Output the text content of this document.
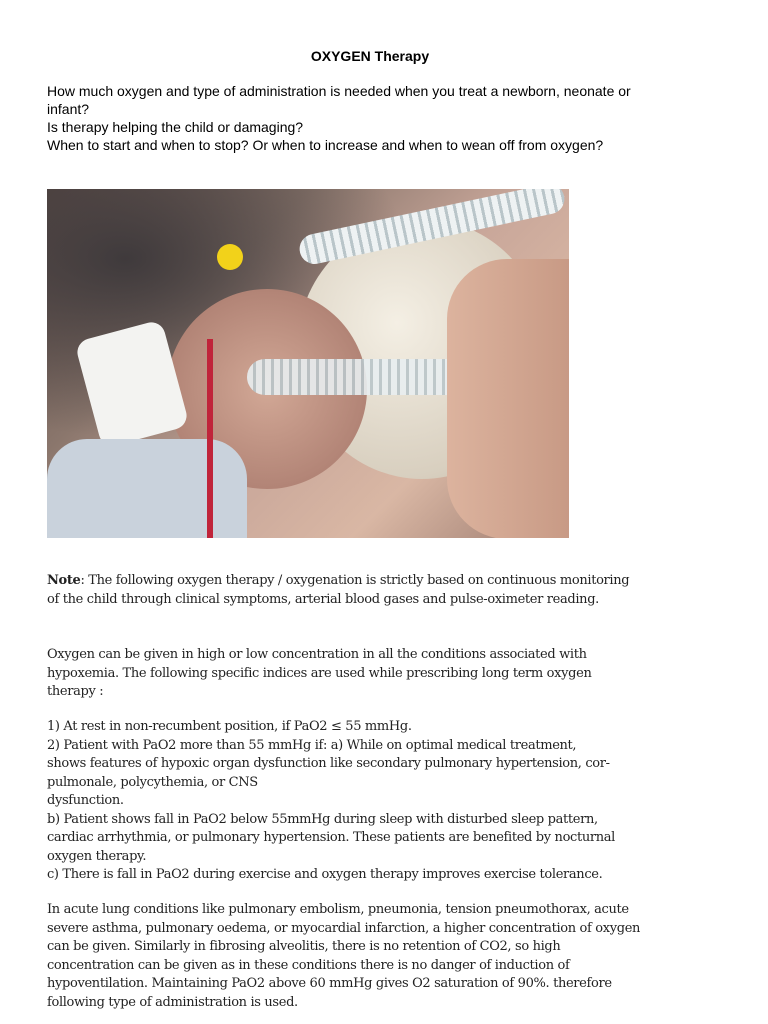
OXYGEN Therapy
How much oxygen and type of administration is needed when you treat a newborn, neonate or
infant?
Is therapy helping the child or damaging?
When to start and when to stop? Or when to increase and when to wean off from oxygen?
Note: The following oxygen therapy / oxygenation is strictly based on continuous monitoring
of the child through clinical symptoms, arterial blood gases and pulse-oximeter reading.
Oxygen can be given in high or low concentration in all the conditions associated with
hypoxemia. The following specific indices are used while prescribing long term oxygen
therapy :
1) At rest in non-recumbent position, if PaO2 ≤ 55 mmHg.
2) Patient with PaO2 more than 55 mmHg if: a) While on optimal medical treatment,
shows features of hypoxic organ dysfunction like secondary pulmonary hypertension, cor-
pulmonale, polycythemia, or CNS
dysfunction.
b) Patient shows fall in PaO2 below 55mmHg during sleep with disturbed sleep pattern,
cardiac arrhythmia, or pulmonary hypertension. These patients are benefited by nocturnal
oxygen therapy.
c) There is fall in PaO2 during exercise and oxygen therapy improves exercise tolerance.
In acute lung conditions like pulmonary embolism, pneumonia, tension pneumothorax, acute
severe asthma, pulmonary oedema, or myocardial infarction, a higher concentration of oxygen
can be given. Similarly in fibrosing alveolitis, there is no retention of CO2, so high
concentration can be given as in these conditions there is no danger of induction of
hypoventilation. Maintaining PaO2 above 60 mmHg gives O2 saturation of 90%. therefore
following type of administration is used.
